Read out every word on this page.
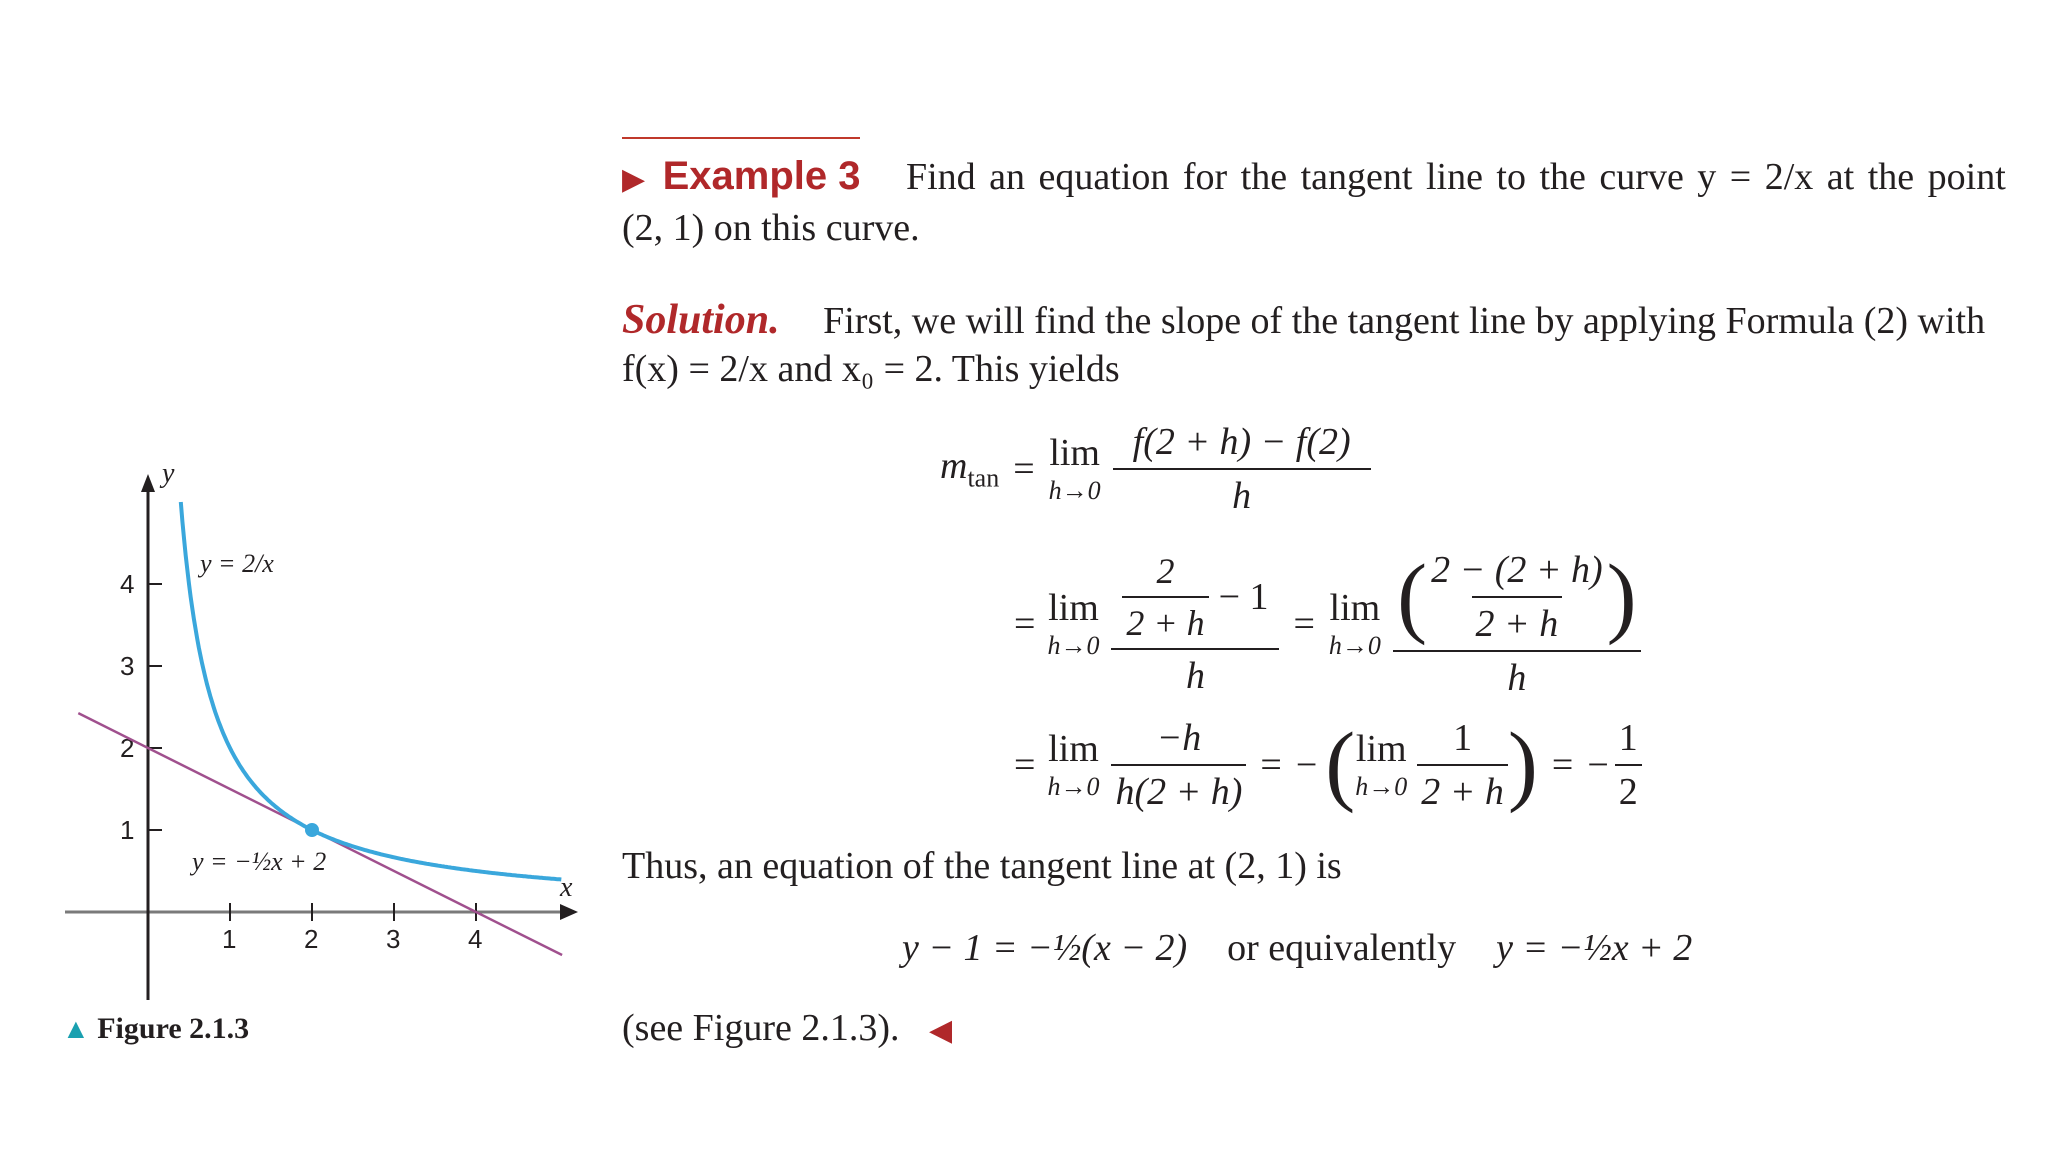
▶ Example 3 Find an equation for the tangent line to the curve y = 2/x at the point
(2, 1) on this curve.
Solution. First, we will find the slope of the tangent line by applying Formula (2) with
f(x) = 2/x and x₀ = 2. This yields
$m_{tan} = \lim$
$h\to 0 \frac{f(2 + h) - f(2)}{h}$
= lim
$h\to 0 \frac{\frac{2}{2 + h} - 1}{h} = \lim$
$h\to 0 \frac{( \frac{2 - (2 + h)}{2 + h} )}{h}$
= lim
$h\to 0 \frac{-h}{h(2 + h)}$ = − ( lim
$h\to 0 \frac{1}{2 + h}$ ) = − $\frac{1}{2}$
Thus, an equation of the tangent line at (2, 1) is
y − 1 = −½(x − 2) or equivalently y = −½x + 2
(see Figure 2.1.3). ◀
1	2	3	4
1
2
3
4
x
y
y = 2/x
y = −½x + 2
▲ Figure 2.1.3
